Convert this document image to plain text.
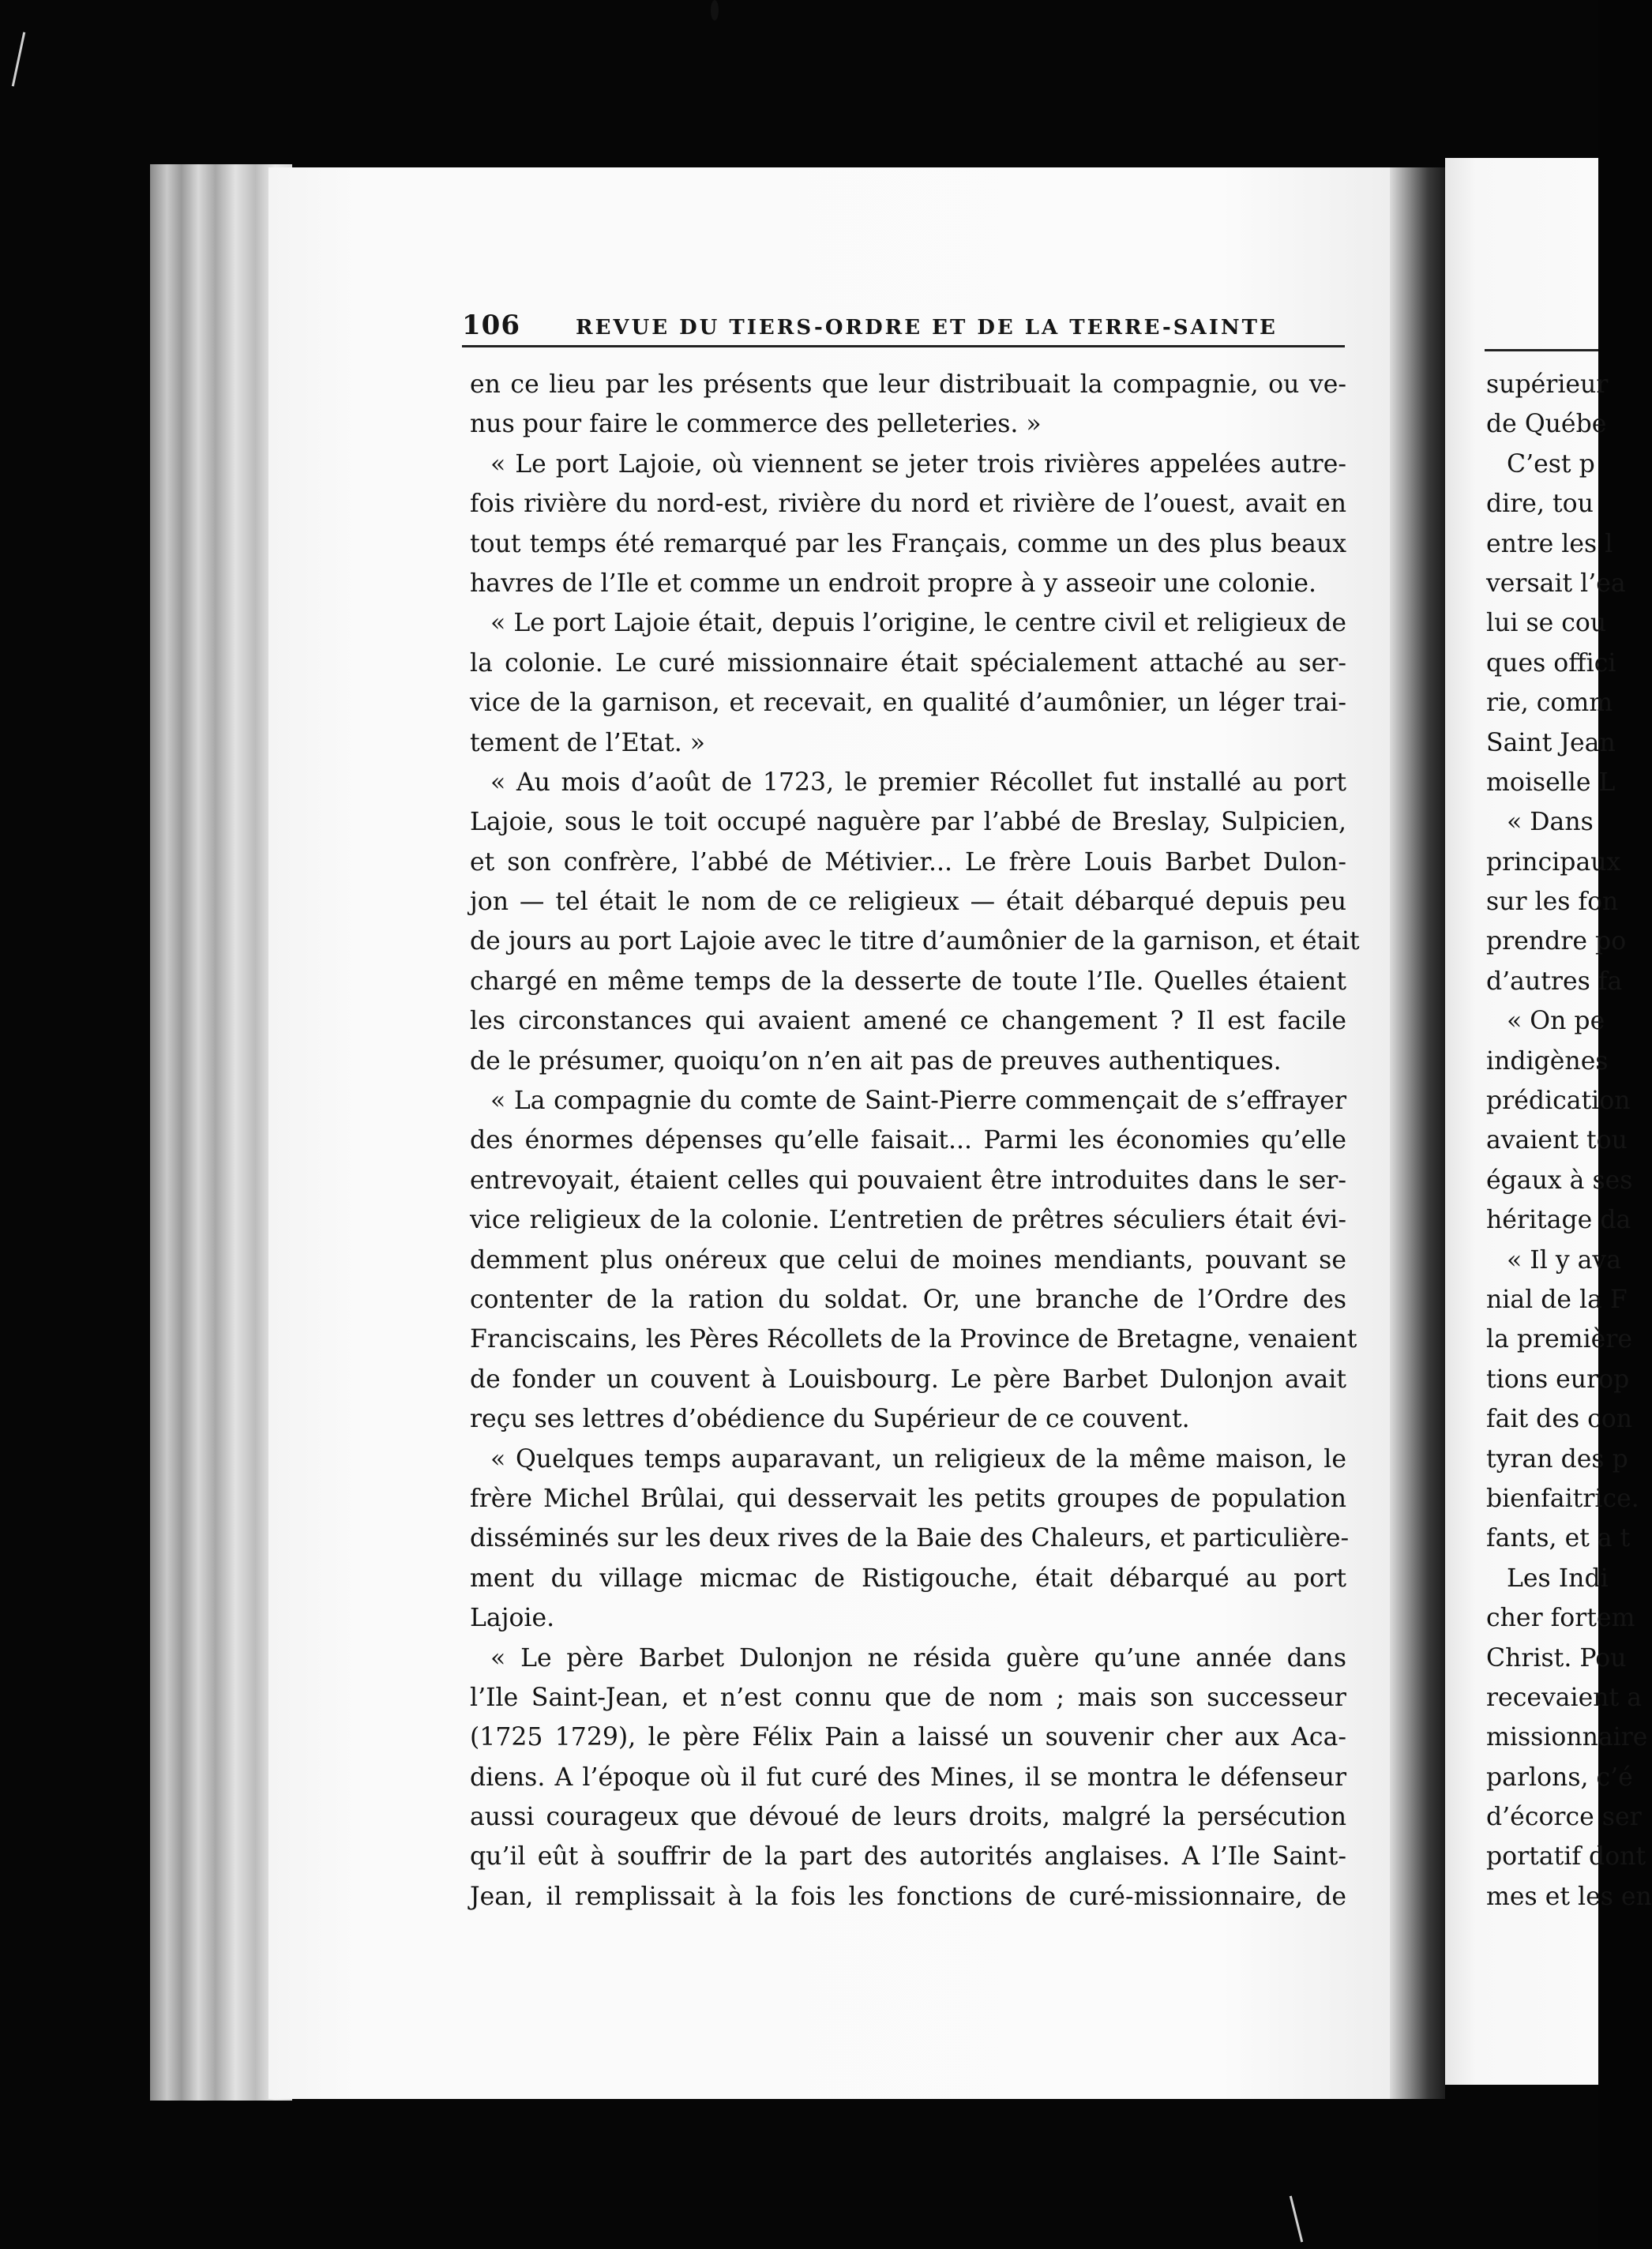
106	REVUE DU TIERS-ORDRE ET DE LA TERRE-SAINTE
en ce lieu par les présents que leur distribuait la compagnie, ou ve-
nus pour faire le commerce des pelleteries. »
« Le port Lajoie, où viennent se jeter trois rivières appelées autre-
fois rivière du nord-est, rivière du nord et rivière de l’ouest, avait en
tout temps été remarqué par les Français, comme un des plus beaux
havres de l’Ile et comme un endroit propre à y asseoir une colonie.
« Le port Lajoie était, depuis l’origine, le centre civil et religieux de
la colonie. Le curé missionnaire était spécialement attaché au ser-
vice de la garnison, et recevait, en qualité d’aumônier, un léger trai-
tement de l’Etat. »
« Au mois d’août de 1723, le premier Récollet fut installé au port
Lajoie, sous le toit occupé naguère par l’abbé de Breslay, Sulpicien,
et son confrère, l’abbé de Métivier... Le frère Louis Barbet Dulon-
jon — tel était le nom de ce religieux — était débarqué depuis peu
de jours au port Lajoie avec le titre d’aumônier de la garnison, et était
chargé en même temps de la desserte de toute l’Ile. Quelles étaient
les circonstances qui avaient amené ce changement ? Il est facile
de le présumer, quoiqu’on n’en ait pas de preuves authentiques.
« La compagnie du comte de Saint-Pierre commençait de s’effrayer
des énormes dépenses qu’elle faisait... Parmi les économies qu’elle
entrevoyait, étaient celles qui pouvaient être introduites dans le ser-
vice religieux de la colonie. L’entretien de prêtres séculiers était évi-
demment plus onéreux que celui de moines mendiants, pouvant se
contenter de la ration du soldat. Or, une branche de l’Ordre des
Franciscains, les Pères Récollets de la Province de Bretagne, venaient
de fonder un couvent à Louisbourg. Le père Barbet Dulonjon avait
reçu ses lettres d’obédience du Supérieur de ce couvent.
« Quelques temps auparavant, un religieux de la même maison, le
frère Michel Brûlai, qui desservait les petits groupes de population
disséminés sur les deux rives de la Baie des Chaleurs, et particulière-
ment du village micmac de Ristigouche, était débarqué au port
Lajoie.
« Le père Barbet Dulonjon ne résida guère qu’une année dans
l’Ile Saint-Jean, et n’est connu que de nom ; mais son successeur
(1725 1729), le père Félix Pain a laissé un souvenir cher aux Aca-
diens. A l’époque où il fut curé des Mines, il se montra le défenseur
aussi courageux que dévoué de leurs droits, malgré la persécution
qu’il eût à souffrir de la part des autorités anglaises. A l’Ile Saint-
Jean, il remplissait à la fois les fonctions de curé-missionnaire, de
supérieur
de Québe
C’est p
dire, tou
entre les l
versait l’ea
lui se cou
ques offici
rie, comm
Saint Jean
moiselle L
« Dans
principaux
sur les fon
prendre po
d’autres fa
« On pe
indigènes
prédication
avaient tou
égaux à ses
héritage da
« Il y ava
nial de la F
la première
tions europ
fait des con
tyran des p
bienfaitrice.
fants, et a t
Les Indi
cher fortem
Christ. Pou
recevaient a
missionnaire
parlons, c’é
d’écorce ser
portatif dont
mes et les en
